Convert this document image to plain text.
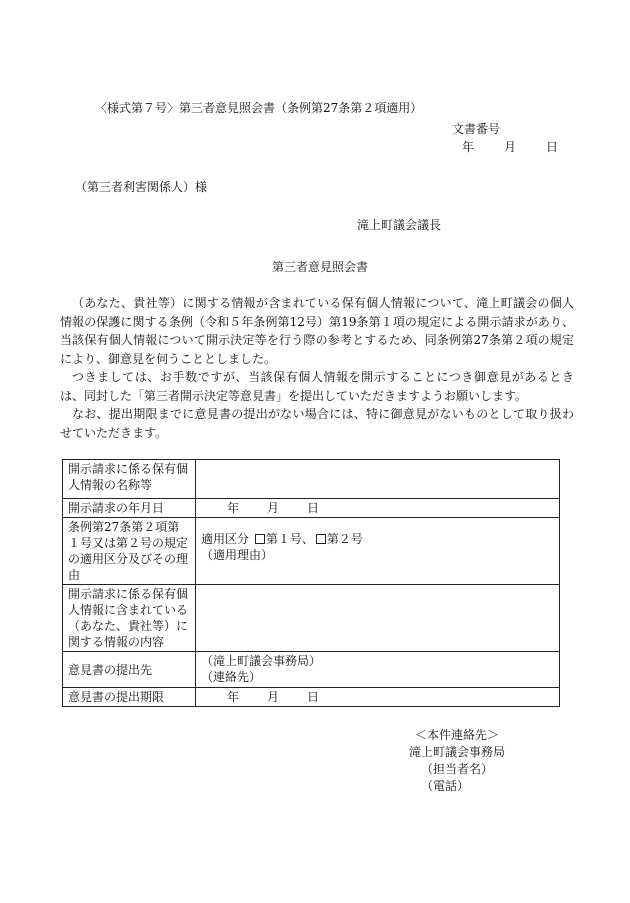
〈様式第７号〉第三者意見照会書（条例第27条第２項適用）
文書番号
年	月	日
（第三者利害関係人）様
滝上町議会議長
第三者意見照会書

（あなた、貴社等）に関する情報が含まれている保有個人情報について、滝上町議会の個人情報の保護に関する条例（令和５年条例第12号）第19条第１項の規定による開示請求があり、当該保有個人情報について開示決定等を行う際の参考とするため、同条例第27条第２項の規定により、御意見を伺うこととしました。

つきましては、お手数ですが、当該保有個人情報を開示することにつき御意見があるときは、同封した「第三者開示決定等意見書」を提出していただきますようお願いします。

なお、提出期限までに意見書の提出がない場合には、特に御意見がないものとして取り扱わせていただきます。

開示請求に係る保有個人情報の名称等	
開示請求の年月日	年 月 日
条例第27条第２項第１号又は第２号の規定の適用区分及びその理由	適用区分 第１号、 第２号
（適用理由）

開示請求に係る保有個人情報に含まれている（あなた、貴社等）に関する情報の内容	
意見書の提出先	（滝上町議会事務局）
（連絡先）

意見書の提出期限	年 月 日
＜本件連絡先＞
滝上町議会事務局
（担当者名）
（電話）
